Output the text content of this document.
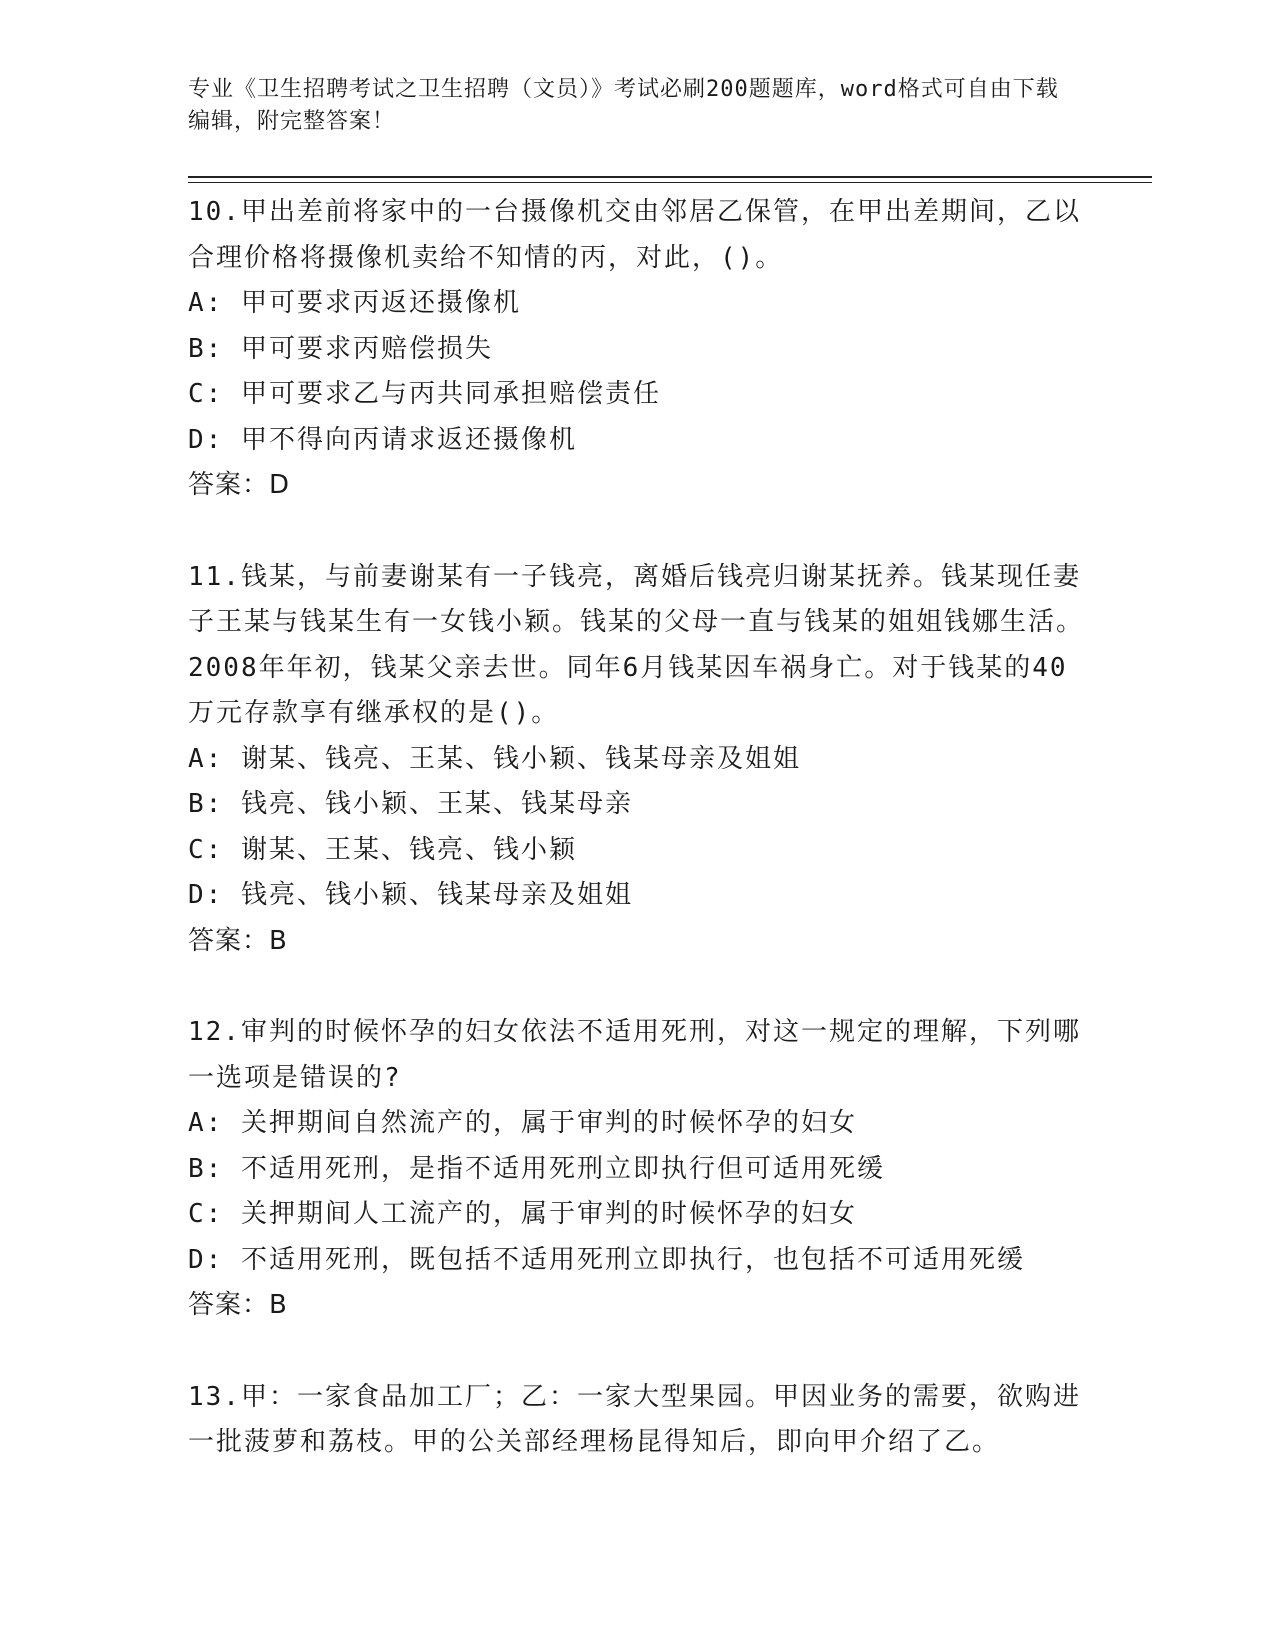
专业《卫生招聘考试之卫生招聘（文员）》考试必刷200题题库，word格式可自由下载编辑，附完整答案！

10.甲出差前将家中的一台摄像机交由邻居乙保管，在甲出差期间，乙以合理价格将摄像机卖给不知情的丙，对此，()。

A: 甲可要求丙返还摄像机
B: 甲可要求丙赔偿损失
C: 甲可要求乙与丙共同承担赔偿责任
D: 甲不得向丙请求返还摄像机
答案：D

11.钱某，与前妻谢某有一子钱亮，离婚后钱亮归谢某抚养。钱某现任妻子王某与钱某生有一女钱小颖。钱某的父母一直与钱某的姐姐钱娜生活。2008年年初，钱某父亲去世。同年6月钱某因车祸身亡。对于钱某的40万元存款享有继承权的是()。

A: 谢某、钱亮、王某、钱小颖、钱某母亲及姐姐
B: 钱亮、钱小颖、王某、钱某母亲
C: 谢某、王某、钱亮、钱小颖
D: 钱亮、钱小颖、钱某母亲及姐姐
答案：B

12.审判的时候怀孕的妇女依法不适用死刑，对这一规定的理解，下列哪一选项是错误的?

A: 关押期间自然流产的，属于审判的时候怀孕的妇女
B: 不适用死刑，是指不适用死刑立即执行但可适用死缓
C: 关押期间人工流产的，属于审判的时候怀孕的妇女
D: 不适用死刑，既包括不适用死刑立即执行，也包括不可适用死缓
答案：B

13.甲：一家食品加工厂；乙：一家大型果园。甲因业务的需要，欲购进一批菠萝和荔枝。甲的公关部经理杨昆得知后，即向甲介绍了乙。
